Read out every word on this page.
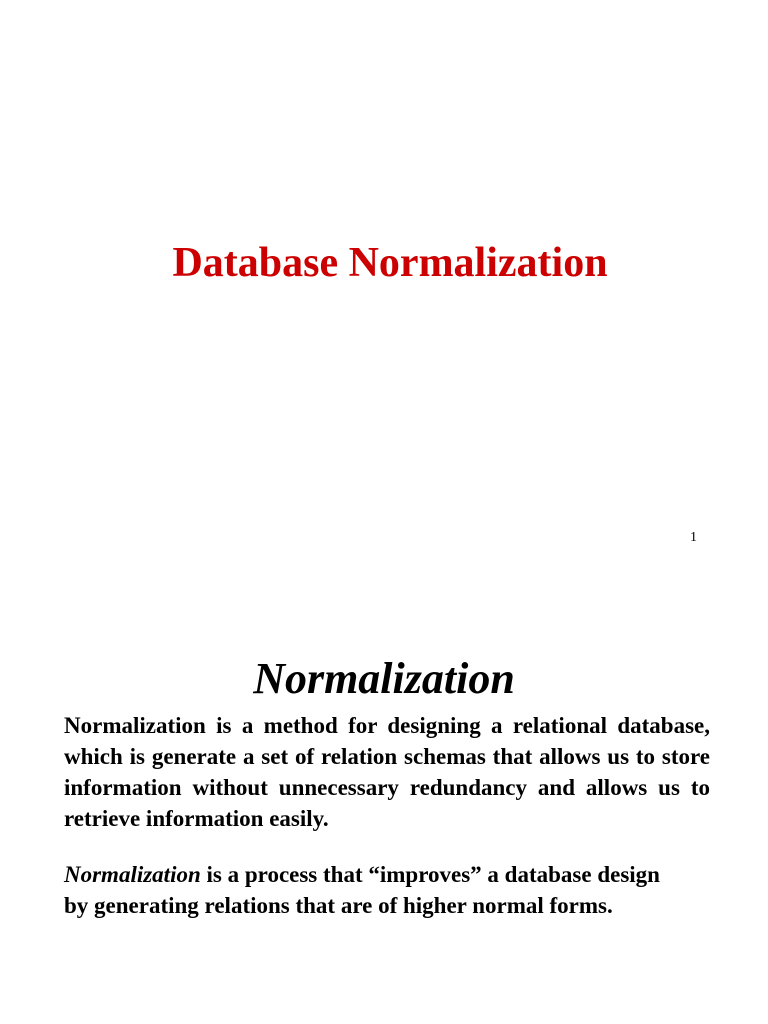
Database Normalization
1
Normalization

Normalization is a method for designing a relational database, which is generate a set of relation schemas that allows us to store information without unnecessary redundancy and allows us to retrieve information easily.

Normalization is a process that “improves” a database design by generating relations that are of higher normal forms.
